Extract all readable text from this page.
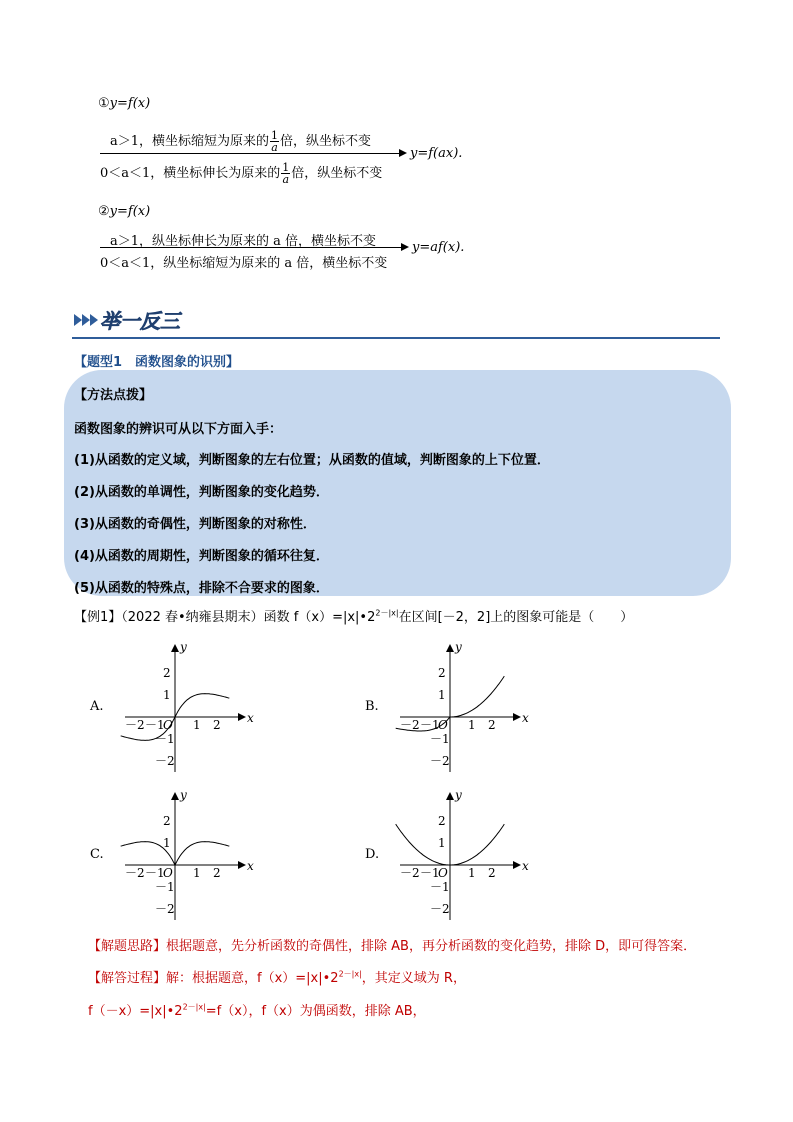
①y=f(x)
a＞1，横坐标缩短为原来的 $\frac{1}{a}$ 倍，纵坐标不变
y=f(ax).
0＜a＜1，横坐标伸长为原来的 $\frac{1}{a}$ 倍，纵坐标不变
②y=f(x)
a＞1，纵坐标伸长为原来的 a 倍，横坐标不变	y=af(x).
0＜a＜1，纵坐标缩短为原来的 a 倍，横坐标不变
举一反三
【题型1　函数图象的识别】
【方法点拨】
函数图象的辨识可从以下方面入手：
(1)从函数的定义域，判断图象的左右位置；从函数的值域，判断图象的上下位置．
(2)从函数的单调性，判断图象的变化趋势．
(3)从函数的奇偶性，判断图象的对称性．
(4)从函数的周期性，判断图象的循环往复．
(5)从函数的特殊点，排除不合要求的图象．
【例1】（2022 春•纳雍县期末）函数 $f(x)=|x|•2^{2-|x|}$在区间[－2，2]上的图象可能是（　　）
A.
x
y
O
－2 －1 1 2
2
1
－1
－2
B.
x
y
O
－2 －1 1 2
2
1
－1
－2
C.
x
y
O
－2 －1 1 2
2
1
－1
－2
D.
x
y
O
－2 －1 1 2
2
1
－1
－2
【解题思路】根据题意，先分析函数的奇偶性，排除 AB，再分析函数的变化趋势，排除 D，即可得答案．
【解答过程】解：根据题意，$f(x)=|x|•2^{2-|x|}$，其定义域为 R，
$f(-x)=|x|•2^{2-|x|}=f(x)$，f（x）为偶函数，排除 AB，
